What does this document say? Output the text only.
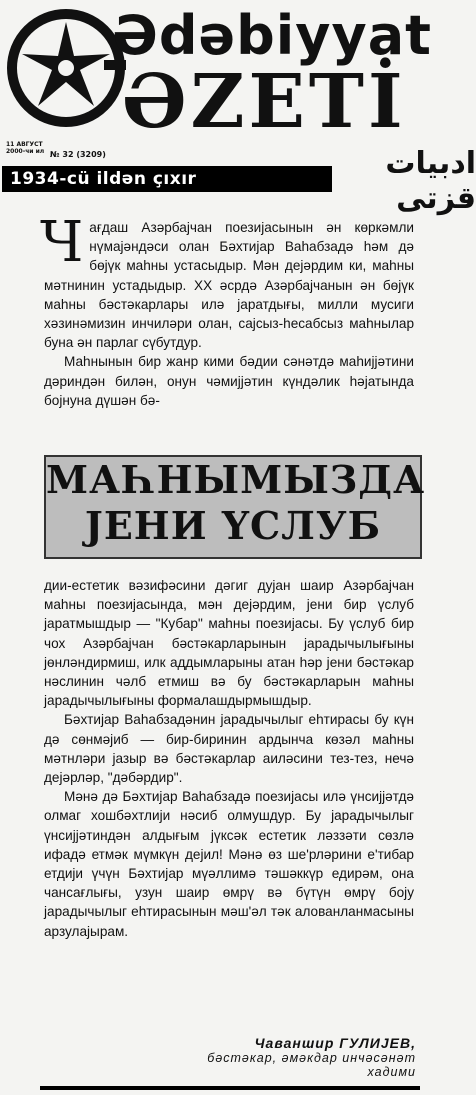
Ədəbiyyat
ƏZETİ
11 АВГУСТ 2000-чи ил № 32 (3209)	ادبیات قزتی
1934-cü ildən çıxır

Чағдаш Азәрбајчан поезијасынын ән көркәмли нүмајәндәси олан Бәхтијар Ваһабзадә һәм дә бөјүк маһны устасыдыр. Мән дејәрдим ки, маһны мәтнинин устадыдыр. ХХ әсрдә Азәрбајчанын ән бөјүк маһны бәстәкарлары илә јаратдығы, милли мусиги хәзинәмизин инчиләри олан, сајсыз-һесабсыз маһнылар буна ән парлаг сүбутдур.

Маһнынын бир жанр кими бәдии сәнәтдә маһијјәтини дәриндән билән, онун чәмијјәтин күндәлик һәјатында бојнуна дүшән бә-

МАҺНЫМЫЗДА
ЈЕНИ ҮСЛУБ

дии-естетик вәзифәсини дәгиг дујан шаир Азәрбајчан маһны поезијасында, мән дејәрдим, јени бир үслуб јаратмышдыр — "Кубар" маһны поезијасы. Бу үслуб бир чох Азәрбајчан бәстәкарларынын јарадычылығыны јөнләндирмиш, илк аддымларыны атан һәр јени бәстәкар нәслинин чәлб етмиш вә бу бәстәкарларын маһны јарадычылығыны формалашдырмышдыр.

Бәхтијар Ваһабзадәнин јарадычылыг еһтирасы бу күн дә сөнмәјиб — бир-биринин ардынча көзәл маһны мәтнләри јазыр вә бәстәкарлар аиләсини тез-тез, нечә дејәрләр, "дәбәрдир".

Мәнә дә Бәхтијар Ваһабзадә поезијасы илә үнсијјәтдә олмаг хошбәхтлији нәсиб олмушдур. Бу јарадычылыг үнсијјәтиндән алдығым јүксәк естетик ләззәти сөзлә ифадә етмәк мүмкүн дејил! Мәнә өз ше'рләрини е'тибар етдији үчүн Бәхтијар мүәллимә тәшәккүр едирәм, она чансағлығы, узун шаир өмрү вә бүтүн өмрү боју јарадычылыг еһтирасынын мәш'әл тәк алованланмасыны арзулајырам.

Чаваншир ГУЛИЈЕВ,
бәстәкар, әмәкдар инчәсәнәт хадими
